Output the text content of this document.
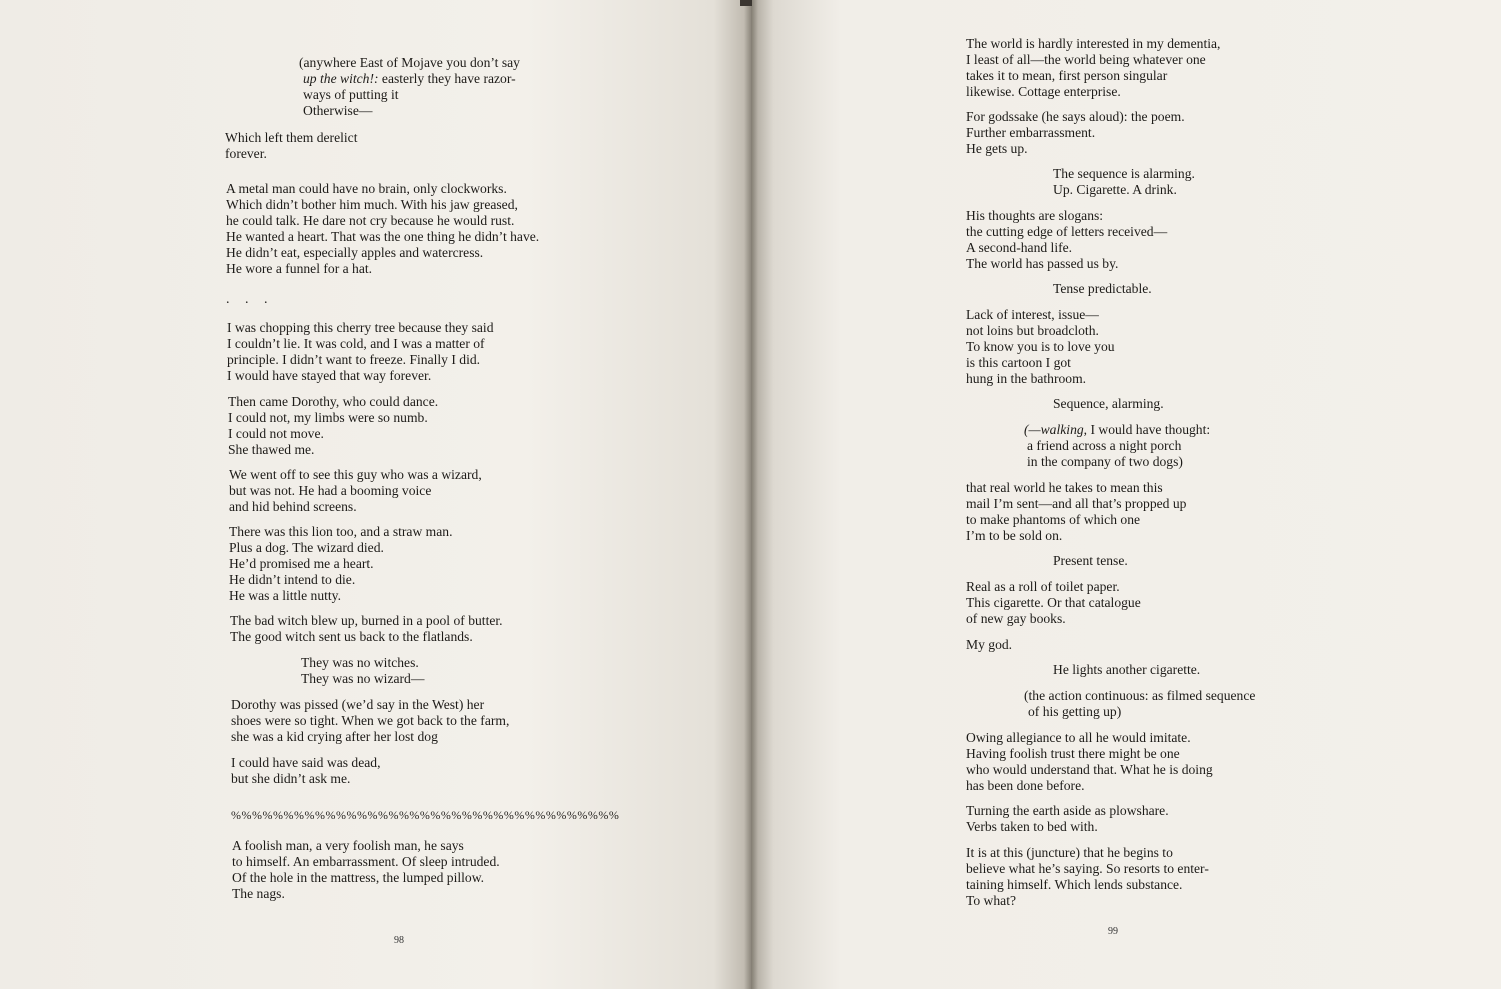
(anywhere East of Mojave you don’t say
up the witch!: easterly they have razor-
ways of putting it
Otherwise—
Which left them derelict
forever.
A metal man could have no brain, only clockworks.
Which didn’t bother him much. With his jaw greased,
he could talk. He dare not cry because he would rust.
He wanted a heart. That was the one thing he didn’t have.
He didn’t eat, especially apples and watercress.
He wore a funnel for a hat.
I was chopping this cherry tree because they said
I couldn’t lie. It was cold, and I was a matter of
principle. I didn’t want to freeze. Finally I did.
I would have stayed that way forever.
Then came Dorothy, who could dance.
I could not, my limbs were so numb.
I could not move.
She thawed me.
We went off to see this guy who was a wizard,
but was not. He had a booming voice
and hid behind screens.
There was this lion too, and a straw man.
Plus a dog. The wizard died.
He’d promised me a heart.
He didn’t intend to die.
He was a little nutty.
The bad witch blew up, burned in a pool of butter.
The good witch sent us back to the flatlands.
They was no witches.
They was no wizard—
Dorothy was pissed (we’d say in the West) her
shoes were so tight. When we got back to the farm,
she was a kid crying after her lost dog
I could have said was dead,
but she didn’t ask me.
A foolish man, a very foolish man, he says
to himself. An embarrassment. Of sleep intruded.
Of the hole in the mattress, the lumped pillow.
The nags.
98
. . .
%%%%%%%%%%%%%%%%%%%%%%%%%%%%%%%%%%%%%
The world is hardly interested in my dementia,
I least of all—the world being whatever one
takes it to mean, first person singular
likewise. Cottage enterprise.
For godssake (he says aloud): the poem.
Further embarrassment.
He gets up.
The sequence is alarming.
Up. Cigarette. A drink.
His thoughts are slogans:
the cutting edge of letters received—
A second-hand life.
The world has passed us by.
Tense predictable.
Lack of interest, issue—
not loins but broadcloth.
To know you is to love you
is this cartoon I got
hung in the bathroom.
Sequence, alarming.
(—walking, I would have thought:
a friend across a night porch
in the company of two dogs)
that real world he takes to mean this
mail I’m sent—and all that’s propped up
to make phantoms of which one
I’m to be sold on.
Present tense.
Real as a roll of toilet paper.
This cigarette. Or that catalogue
of new gay books.
My god.
He lights another cigarette.
(the action continuous: as filmed sequence
of his getting up)
Owing allegiance to all he would imitate.
Having foolish trust there might be one
who would understand that. What he is doing
has been done before.
Turning the earth aside as plowshare.
Verbs taken to bed with.
It is at this (juncture) that he begins to
believe what he’s saying. So resorts to enter-
taining himself. Which lends substance.
To what?
99
